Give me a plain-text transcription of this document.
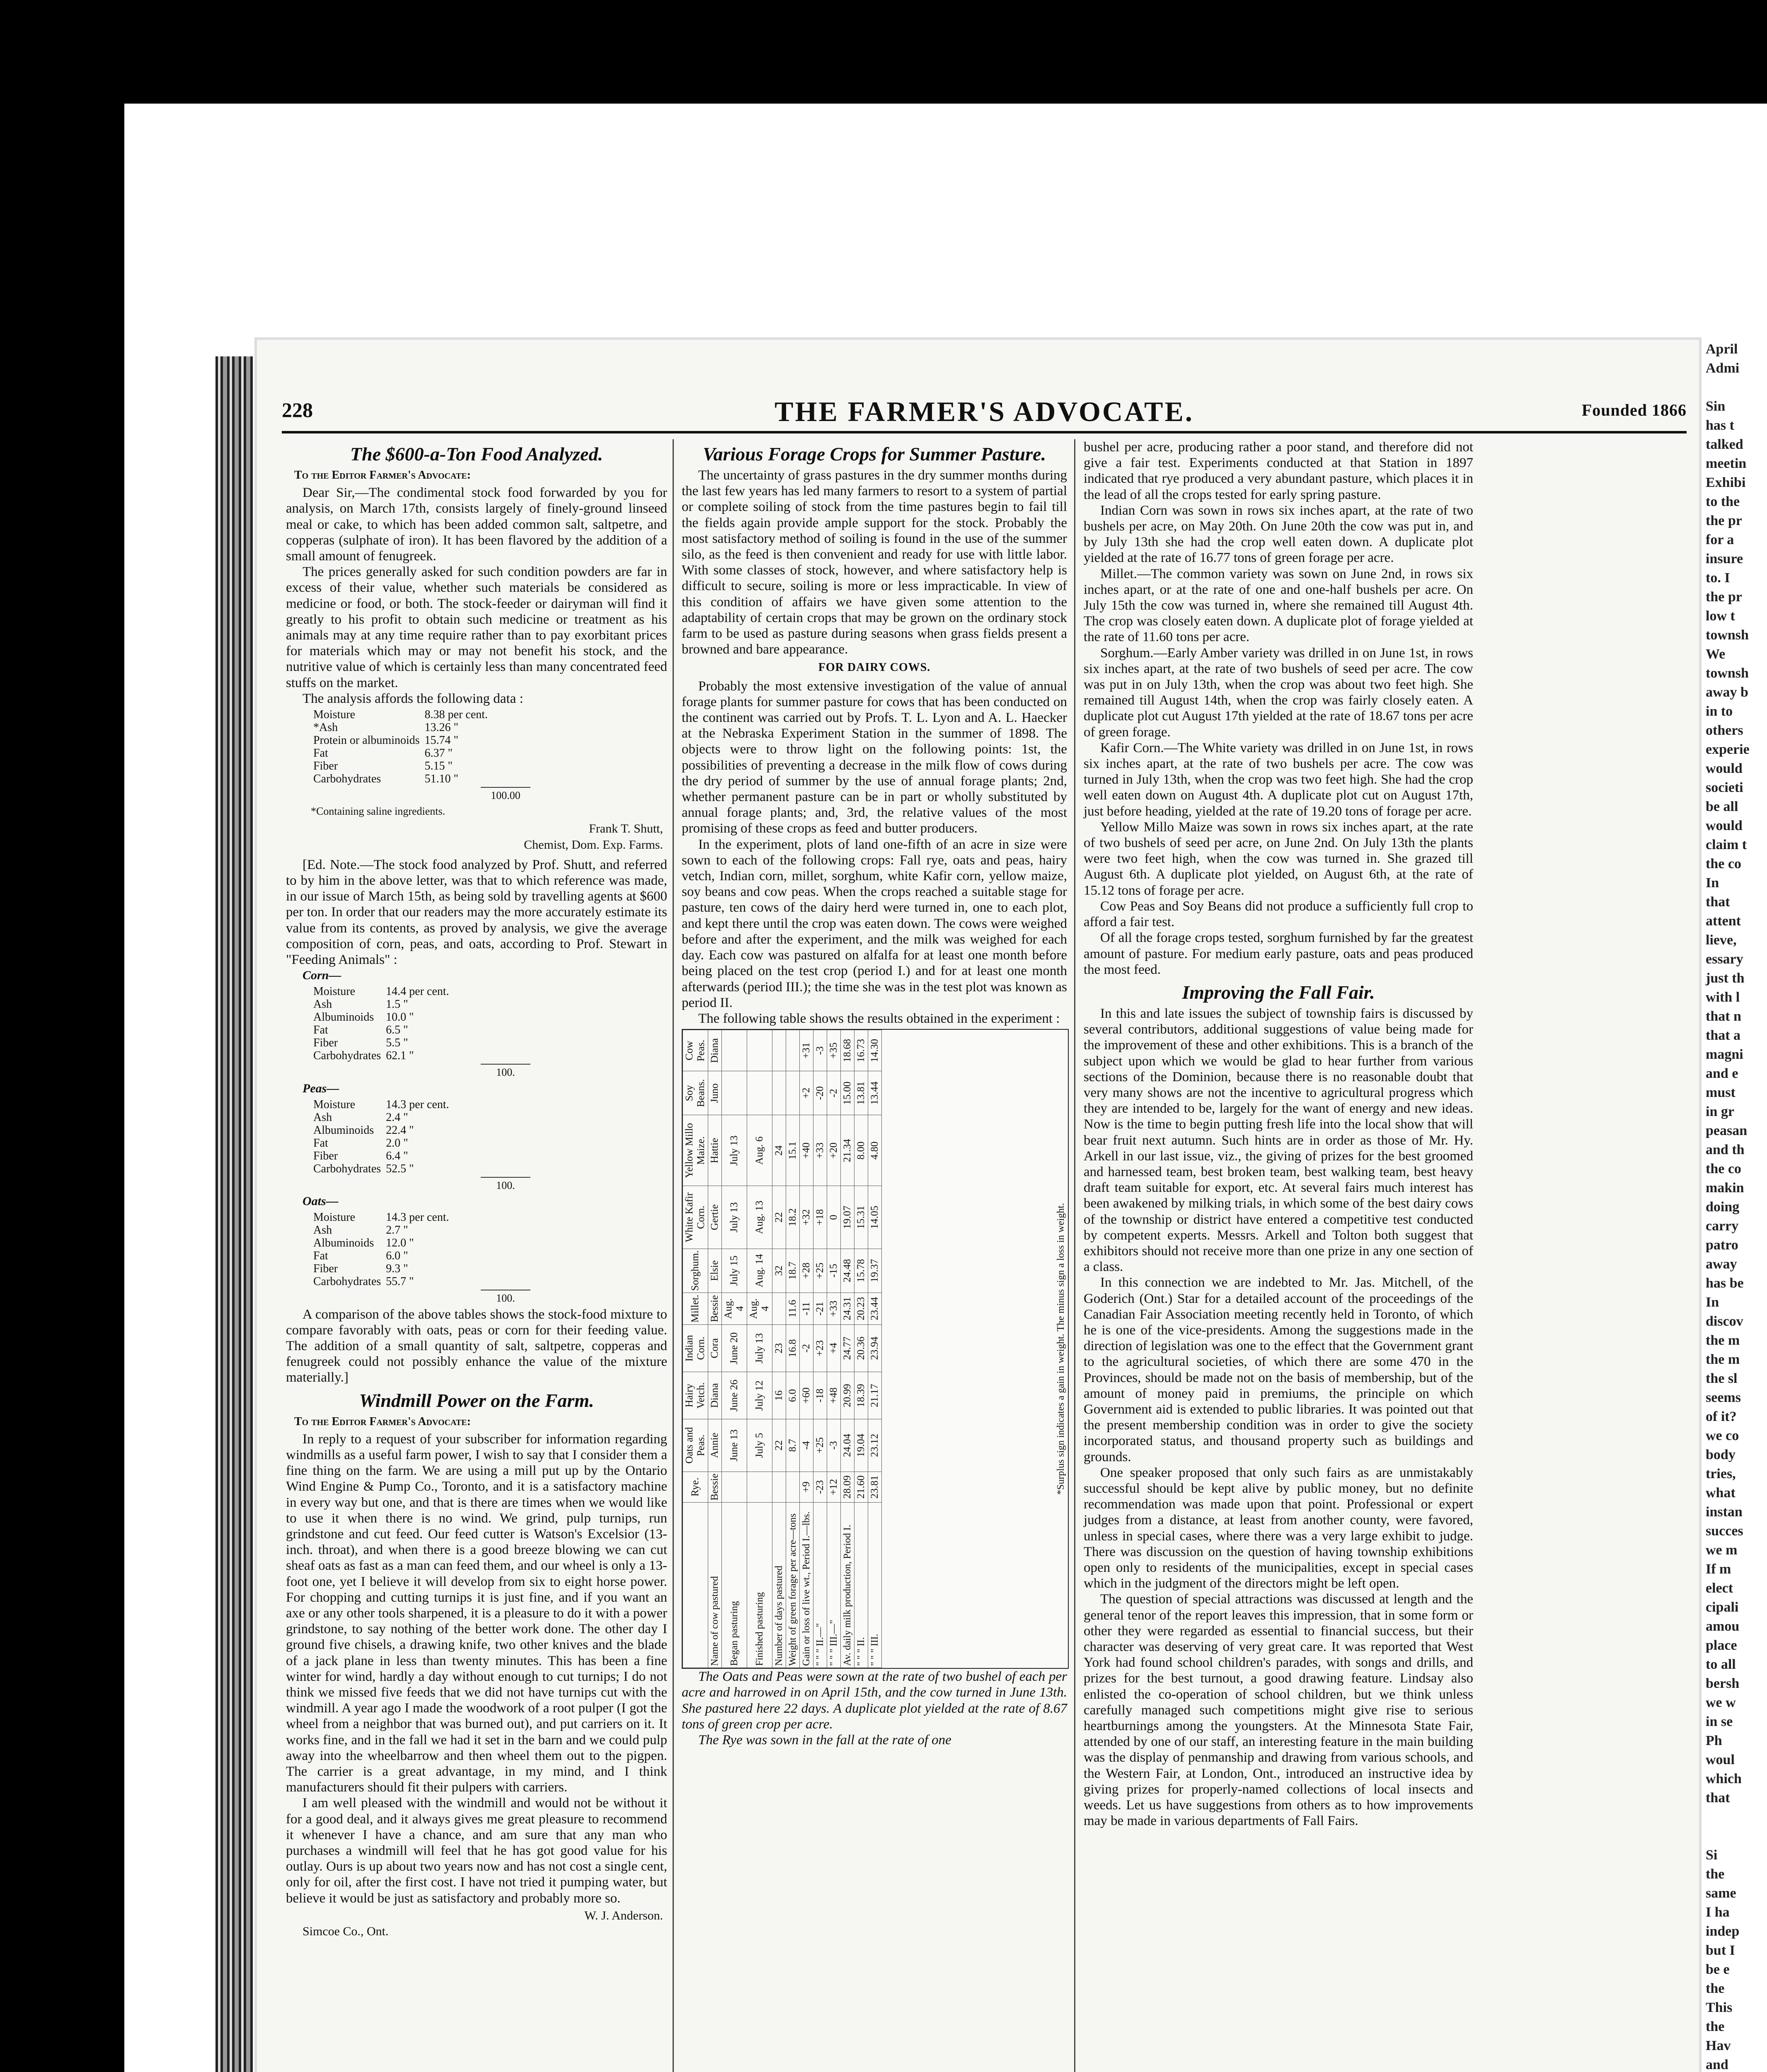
228	THE FARMER'S ADVOCATE.	Founded 1866
The $600-a-Ton Food Analyzed.
To the Editor Farmer's Advocate:

Dear Sir,—The condimental stock food forwarded by you for analysis, on March 17th, consists largely of finely-ground linseed meal or cake, to which has been added common salt, saltpetre, and copperas (sulphate of iron). It has been flavored by the addition of a small amount of fenugreek.

The prices generally asked for such condition powders are far in excess of their value, whether such materials be considered as medicine or food, or both. The stock-feeder or dairyman will find it greatly to his profit to obtain such medicine or treatment as his animals may at any time require rather than to pay exorbitant prices for materials which may or may not benefit his stock, and the nutritive value of which is certainly less than many concentrated feed stuffs on the market.

The analysis affords the following data :

Moisture	8.38 per cent.
*Ash	13.26 "
Protein or albuminoids	15.74 "
Fat	6.37 "
Fiber	5.15 "
Carbohydrates	51.10 "
100.00
*Containing saline ingredients.
Frank T. Shutt,
Chemist, Dom. Exp. Farms.

[Ed. Note.—The stock food analyzed by Prof. Shutt, and referred to by him in the above letter, was that to which reference was made, in our issue of March 15th, as being sold by travelling agents at $600 per ton. In order that our readers may the more accurately estimate its value from its contents, as proved by analysis, we give the average composition of corn, peas, and oats, according to Prof. Stewart in "Feeding Animals" :

Corn—
Moisture	14.4 per cent.
Ash	1.5 "
Albuminoids	10.0 "
Fat	6.5 "
Fiber	5.5 "
Carbohydrates	62.1 "
100.
Peas—
Moisture	14.3 per cent.
Ash	2.4 "
Albuminoids	22.4 "
Fat	2.0 "
Fiber	6.4 "
Carbohydrates	52.5 "
100.
Oats—
Moisture	14.3 per cent.
Ash	2.7 "
Albuminoids	12.0 "
Fat	6.0 "
Fiber	9.3 "
Carbohydrates	55.7 "
100.

A comparison of the above tables shows the stock-food mixture to compare favorably with oats, peas or corn for their feeding value. The addition of a small quantity of salt, saltpetre, copperas and fenugreek could not possibly enhance the value of the mixture materially.]

Windmill Power on the Farm.
To the Editor Farmer's Advocate:

In reply to a request of your subscriber for information regarding windmills as a useful farm power, I wish to say that I consider them a fine thing on the farm. We are using a mill put up by the Ontario Wind Engine & Pump Co., Toronto, and it is a satisfactory machine in every way but one, and that is there are times when we would like to use it when there is no wind. We grind, pulp turnips, run grindstone and cut feed. Our feed cutter is Watson's Excelsior (13-inch. throat), and when there is a good breeze blowing we can cut sheaf oats as fast as a man can feed them, and our wheel is only a 13-foot one, yet I believe it will develop from six to eight horse power. For chopping and cutting turnips it is just fine, and if you want an axe or any other tools sharpened, it is a pleasure to do it with a power grindstone, to say nothing of the better work done. The other day I ground five chisels, a drawing knife, two other knives and the blade of a jack plane in less than twenty minutes. This has been a fine winter for wind, hardly a day without enough to cut turnips; I do not think we missed five feeds that we did not have turnips cut with the windmill. A year ago I made the woodwork of a root pulper (I got the wheel from a neighbor that was burned out), and put carriers on it. It works fine, and in the fall we had it set in the barn and we could pulp away into the wheelbarrow and then wheel them out to the pigpen. The carrier is a great advantage, in my mind, and I think manufacturers should fit their pulpers with carriers.

I am well pleased with the windmill and would not be without it for a good deal, and it always gives me great pleasure to recommend it whenever I have a chance, and am sure that any man who purchases a windmill will feel that he has got good value for his outlay. Ours is up about two years now and has not cost a single cent, only for oil, after the first cost. I have not tried it pumping water, but believe it would be just as satisfactory and probably more so.

W. J. Anderson.
Simcoe Co., Ont.
Various Forage Crops for Summer Pasture.

The uncertainty of grass pastures in the dry summer months during the last few years has led many farmers to resort to a system of partial or complete soiling of stock from the time pastures begin to fail till the fields again provide ample support for the stock. Probably the most satisfactory method of soiling is found in the use of the summer silo, as the feed is then convenient and ready for use with little labor. With some classes of stock, however, and where satisfactory help is difficult to secure, soiling is more or less impracticable. In view of this condition of affairs we have given some attention to the adaptability of certain crops that may be grown on the ordinary stock farm to be used as pasture during seasons when grass fields present a browned and bare appearance.

FOR DAIRY COWS.

Probably the most extensive investigation of the value of annual forage plants for summer pasture for cows that has been conducted on the continent was carried out by Profs. T. L. Lyon and A. L. Haecker at the Nebraska Experiment Station in the summer of 1898. The objects were to throw light on the following points: 1st, the possibilities of preventing a decrease in the milk flow of cows during the dry period of summer by the use of annual forage plants; 2nd, whether permanent pasture can be in part or wholly substituted by annual forage plants; and, 3rd, the relative values of the most promising of these crops as feed and butter producers.

In the experiment, plots of land one-fifth of an acre in size were sown to each of the following crops: Fall rye, oats and peas, hairy vetch, Indian corn, millet, sorghum, white Kafir corn, yellow maize, soy beans and cow peas. When the crops reached a suitable stage for pasture, ten cows of the dairy herd were turned in, one to each plot, and kept there until the crop was eaten down. The cows were weighed before and after the experiment, and the milk was weighed for each day. Each cow was pastured on alfalfa for at least one month before being placed on the test crop (period I.) and for at least one month afterwards (period III.); the time she was in the test plot was known as period II.

The following table shows the results obtained in the experiment :

	Rye.	Oats and Peas.	Hairy Vetch.	Indian Corn.	Millet.	Sorghum.	White Kafir Corn.	Yellow Millo Maize.	Soy Beans.	Cow Peas.
Name of cow pastured	Bessie	Annie	Diana	Cora	Bessie	Elsie	Gertie	Hattie	Juno	Diana
Began pasturing		June 13	June 26	June 20	Aug. 4	July 15	July 13	July 13		
Finished pasturing		July 5	July 12	July 13	Aug. 4	Aug. 14	Aug. 13	Aug. 6		
Number of days pastured		22	16	23		32	22	24		
Weight of green forage per acre—tons		8.7	6.0	16.8	11.6	18.7	18.2	15.1		
Gain or loss of live wt., Period I.—lbs.	+9	-4	+60	-2	-11	+28	+32	+40	+2	+31
" " " II.—"	-23	+25	-18	+23	-21	+25	+18	+33	-20	-3
" " " III.—"	+12	-3	+48	+4	+33	-15	0	+20	-2	+35
Av. daily milk production, Period I.	28.09	24.04	20.99	24.77	24.31	24.48	19.07	21.34	15.00	18.68
" " " II.	21.60	19.04	18.39	20.36	20.23	15.78	15.31	8.00	13.81	16.73
" " " III.	23.81	23.12	21.17	23.94	23.44	19.37	14.05	4.80	13.44	14.30
*Surplus sign indicates a gain in weight. The minus sign a loss in weight.

The Oats and Peas were sown at the rate of two bushel of each per acre and harrowed in on April 15th, and the cow turned in June 13th. She pastured here 22 days. A duplicate plot yielded at the rate of 8.67 tons of green crop per acre.

The Rye was sown in the fall at the rate of one

bushel per acre, producing rather a poor stand, and therefore did not give a fair test. Experiments conducted at that Station in 1897 indicated that rye produced a very abundant pasture, which places it in the lead of all the crops tested for early spring pasture.

Indian Corn was sown in rows six inches apart, at the rate of two bushels per acre, on May 20th. On June 20th the cow was put in, and by July 13th she had the crop well eaten down. A duplicate plot yielded at the rate of 16.77 tons of green forage per acre.

Millet.—The common variety was sown on June 2nd, in rows six inches apart, or at the rate of one and one-half bushels per acre. On July 15th the cow was turned in, where she remained till August 4th. The crop was closely eaten down. A duplicate plot of forage yielded at the rate of 11.60 tons per acre.

Sorghum.—Early Amber variety was drilled in on June 1st, in rows six inches apart, at the rate of two bushels of seed per acre. The cow was put in on July 13th, when the crop was about two feet high. She remained till August 14th, when the crop was fairly closely eaten. A duplicate plot cut August 17th yielded at the rate of 18.67 tons per acre of green forage.

Kafir Corn.—The White variety was drilled in on June 1st, in rows six inches apart, at the rate of two bushels per acre. The cow was turned in July 13th, when the crop was two feet high. She had the crop well eaten down on August 4th. A duplicate plot cut on August 17th, just before heading, yielded at the rate of 19.20 tons of forage per acre.

Yellow Millo Maize was sown in rows six inches apart, at the rate of two bushels of seed per acre, on June 2nd. On July 13th the plants were two feet high, when the cow was turned in. She grazed till August 6th. A duplicate plot yielded, on August 6th, at the rate of 15.12 tons of forage per acre.

Cow Peas and Soy Beans did not produce a sufficiently full crop to afford a fair test.

Of all the forage crops tested, sorghum furnished by far the greatest amount of pasture. For medium early pasture, oats and peas produced the most feed.

Improving the Fall Fair.

In this and late issues the subject of township fairs is discussed by several contributors, additional suggestions of value being made for the improvement of these and other exhibitions. This is a branch of the subject upon which we would be glad to hear further from various sections of the Dominion, because there is no reasonable doubt that very many shows are not the incentive to agricultural progress which they are intended to be, largely for the want of energy and new ideas. Now is the time to begin putting fresh life into the local show that will bear fruit next autumn. Such hints are in order as those of Mr. Hy. Arkell in our last issue, viz., the giving of prizes for the best groomed and harnessed team, best broken team, best walking team, best heavy draft team suitable for export, etc. At several fairs much interest has been awakened by milking trials, in which some of the best dairy cows of the township or district have entered a competitive test conducted by competent experts. Messrs. Arkell and Tolton both suggest that exhibitors should not receive more than one prize in any one section of a class.

In this connection we are indebted to Mr. Jas. Mitchell, of the Goderich (Ont.) Star for a detailed account of the proceedings of the Canadian Fair Association meeting recently held in Toronto, of which he is one of the vice-presidents. Among the suggestions made in the direction of legislation was one to the effect that the Government grant to the agricultural societies, of which there are some 470 in the Provinces, should be made not on the basis of membership, but of the amount of money paid in premiums, the principle on which Government aid is extended to public libraries. It was pointed out that the present membership condition was in order to give the society incorporated status, and thousand property such as buildings and grounds.

One speaker proposed that only such fairs as are unmistakably successful should be kept alive by public money, but no definite recommendation was made upon that point. Professional or expert judges from a distance, at least from another county, were favored, unless in special cases, where there was a very large exhibit to judge. There was discussion on the question of having township exhibitions open only to residents of the municipalities, except in special cases which in the judgment of the directors might be left open.

The question of special attractions was discussed at length and the general tenor of the report leaves this impression, that in some form or other they were regarded as essential to financial success, but their character was deserving of very great care. It was reported that West York had found school children's parades, with songs and drills, and prizes for the best turnout, a good drawing feature. Lindsay also enlisted the co-operation of school children, but we think unless carefully managed such competitions might give rise to serious heartburnings among the youngsters. At the Minnesota State Fair, attended by one of our staff, an interesting feature in the main building was the display of penmanship and drawing from various schools, and the Western Fair, at London, Ont., introduced an instructive idea by giving prizes for properly-named collections of local insects and weeds. Let us have suggestions from others as to how improvements may be made in various departments of Fall Fairs.

April
Admi

Sin
has t
talked
meetin
Exhibi
to the
the pr
for a
insure
to. I
the pr
low t
townsh
We
townsh
away b
in to
others
experie
would
societi
be all
would
claim t
the co
In
that
attent
lieve,
essary
just th
with l
that n
that a
magni
and e
must
in gr
peasan
and th
the co
makin
doing
carry
patro
away
has be
In
discov
the m
the m
the sl
seems
of it?
we co
body
tries,
what
instan
succes
we m
If m
elect
cipali
amou
place
to all
bersh
we w
in se
Ph
woul
which
that

Si
the
same
I ha
indep
but I
be e
the
This
the
Hav
and
